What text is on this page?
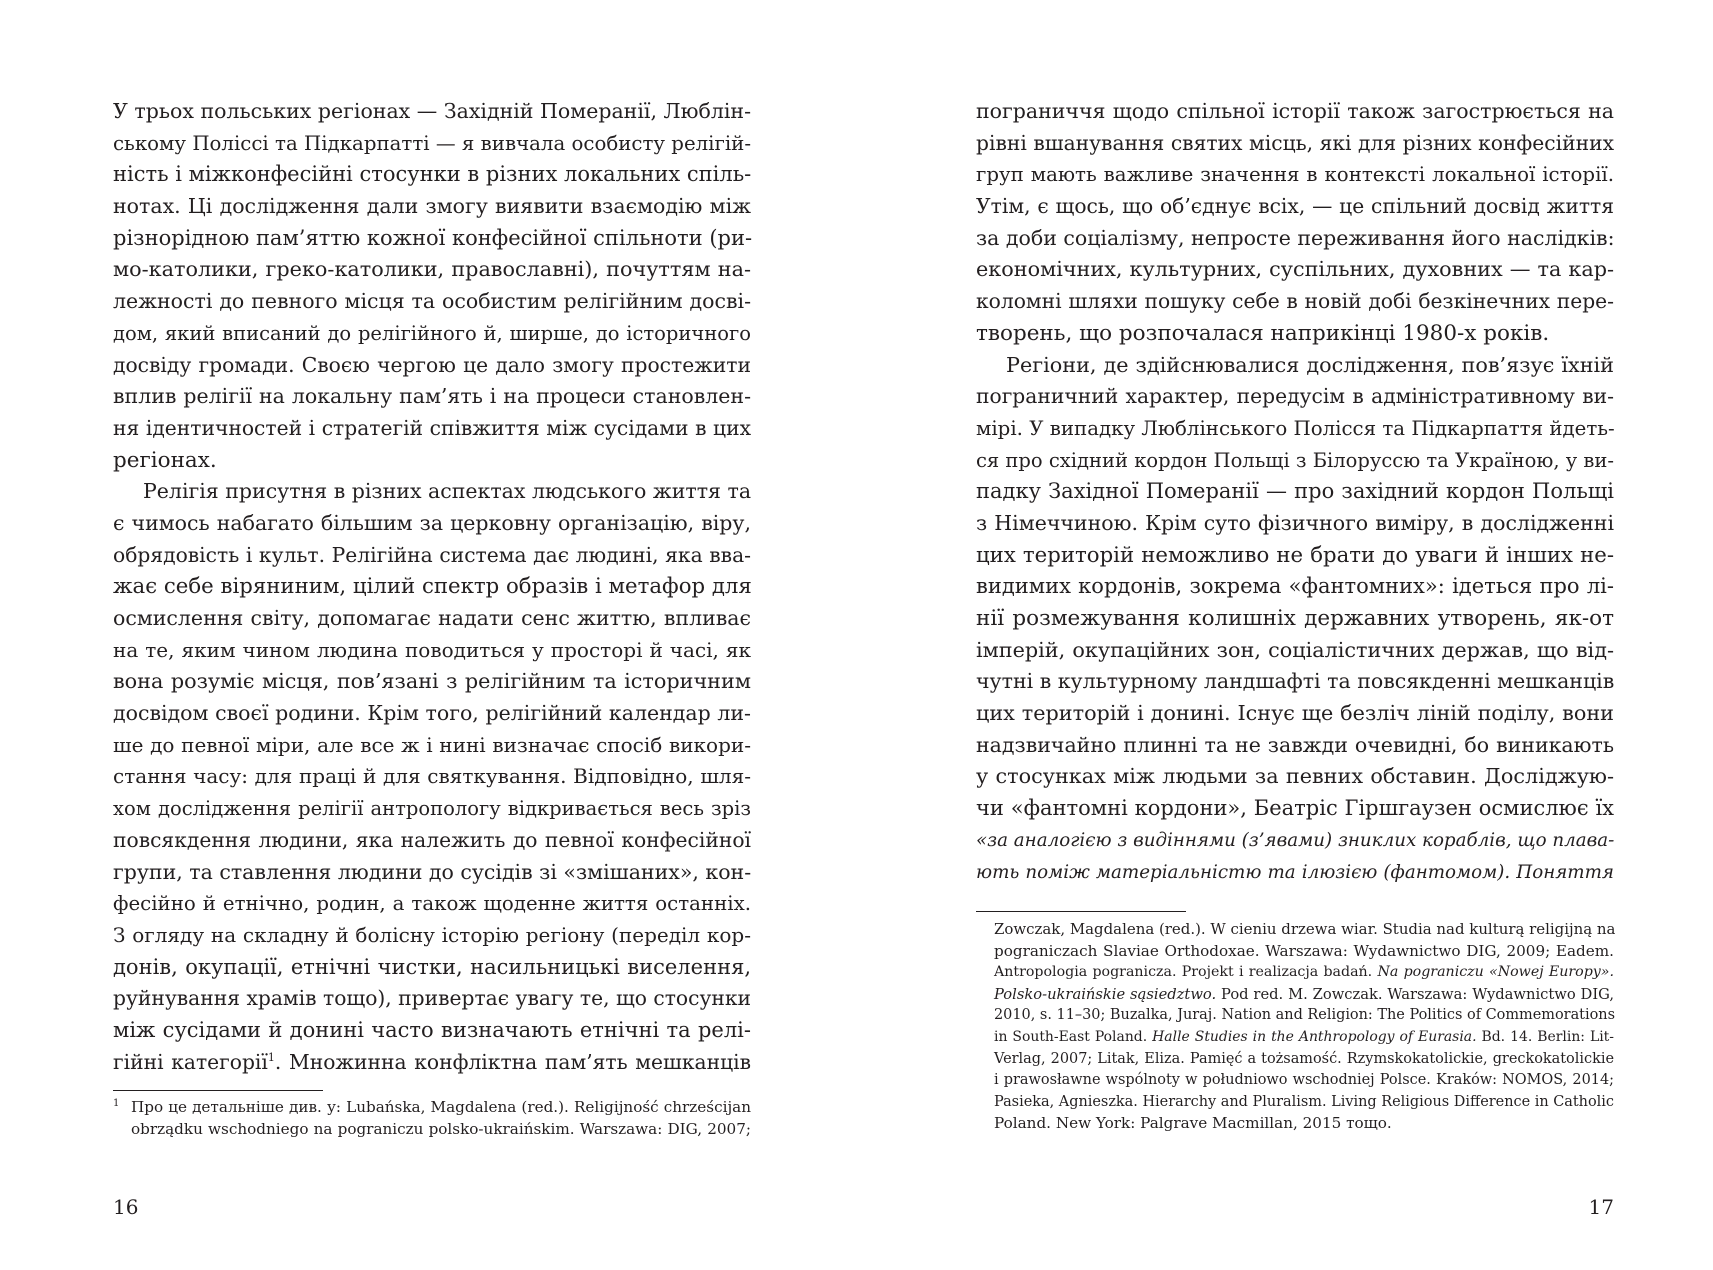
У трьох польських регіонах — Західній Померанії, Люблін-
ському Поліссі та Підкарпатті — я вивчала особисту релігій-
ність і міжконфесійні стосунки в різних локальних спіль-
нотах. Ці дослідження дали змогу виявити взаємодію між
різнорідною пам’яттю кожної конфесійної спільноти (ри-
мо-католики, греко-католики, православні), почуттям на-
лежності до певного місця та особистим релігійним досві-
дом, який вписаний до релігійного й, ширше, до історичного
досвіду громади. Своєю чергою це дало змогу простежити
вплив релігії на локальну пам’ять і на процеси становлен-
ня ідентичностей і стратегій співжиття між сусідами в цих
регіонах.
Релігія присутня в різних аспектах людського життя та
є чимось набагато більшим за церковну організацію, віру,
обрядовість і культ. Релігійна система дає людині, яка вва-
жає себе віряниним, цілий спектр образів і метафор для
осмислення світу, допомагає надати сенс життю, впливає
на те, яким чином людина поводиться у просторі й часі, як
вона розуміє місця, пов’язані з релігійним та історичним
досвідом своєї родини. Крім того, релігійний календар ли-
ше до певної міри, але все ж і нині визначає спосіб викори-
стання часу: для праці й для святкування. Відповідно, шля-
хом дослідження релігії антропологу відкривається весь зріз
повсякдення людини, яка належить до певної конфесійної
групи, та ставлення людини до сусідів зі «змішаних», кон-
фесійно й етнічно, родин, а також щоденне життя останніх.
З огляду на складну й болісну історію регіону (переділ кор-
донів, окупації, етнічні чистки, насильницькі виселення,
руйнування храмів тощо), привертає увагу те, що стосунки
між сусідами й донині часто визначають етнічні та релі-
гійні категорії$^1$. Множинна конфліктна пам’ять мешканців
1 Про це детальніше див. у: Lubańska, Magdalena (red.). Religijność chrześcijan
obrządku wschodniego na pograniczu polsko-ukraińskim. Warszawa: DIG, 2007;
16
пограниччя щодо спільної історії також загострюється на
рівні вшанування святих місць, які для різних конфесійних
груп мають важливе значення в контексті локальної історії.
Утім, є щось, що об’єднує всіх, — це спільний досвід життя
за доби соціалізму, непросте переживання його наслідків:
економічних, культурних, суспільних, духовних — та кар-
коломні шляхи пошуку себе в новій добі безкінечних пере-
творень, що розпочалася наприкінці 1980-х років.
Регіони, де здійснювалися дослідження, пов’язує їхній
пограничний характер, передусім в адміністративному ви-
мірі. У випадку Люблінського Полісся та Підкарпаття йдеть-
ся про східний кордон Польщі з Білоруссю та Україною, у ви-
падку Західної Померанії — про західний кордон Польщі
з Німеччиною. Крім суто фізичного виміру, в дослідженні
цих територій неможливо не брати до уваги й інших не-
видимих кордонів, зокрема «фантомних»: ідеться про лі-
нії розмежування колишніх державних утворень, як-от
імперій, окупаційних зон, соціалістичних держав, що від-
чутні в культурному ландшафті та повсякденні мешканців
цих територій і донині. Існує ще безліч ліній поділу, вони
надзвичайно плинні та не завжди очевидні, бо виникають
у стосунках між людьми за певних обставин. Досліджую-
чи «фантомні кордони», Беатріс Гіршгаузен осмислює їх
«за аналогією з видіннями (з’явами) зниклих кораблів, що плава-
ють поміж матеріальністю та ілюзією (фантомом). Поняття
Zowczak, Magdalena (red.). W cieniu drzewa wiar. Studia nad kulturą religijną na
pograniczach Slaviae Orthodoxae. Warszawa: Wydawnictwo DIG, 2009; Eadem.
Antropologia pogranicza. Projekt i realizacja badań. Na pograniczu «Nowej Europy».
Polsko-ukraińskie sąsiedztwo. Pod red. M. Zowczak. Warszawa: Wydawnictwo DIG,
2010, s. 11–30; Buzalka, Juraj. Nation and Religion: The Politics of Commemorations
in South-East Poland. Halle Studies in the Anthropology of Eurasia. Bd. 14. Berlin: Lit-
Verlag, 2007; Litak, Eliza. Pamięć a tożsamość. Rzymskokatolickie, greckokatolickie
i prawosławne wspólnoty w południowo wschodniej Polsce. Kraków: NOMOS, 2014;
Pasieka, Agnieszka. Hierarchy and Pluralism. Living Religious Difference in Catholic
Poland. New York: Palgrave Macmillan, 2015 тощо.
17
